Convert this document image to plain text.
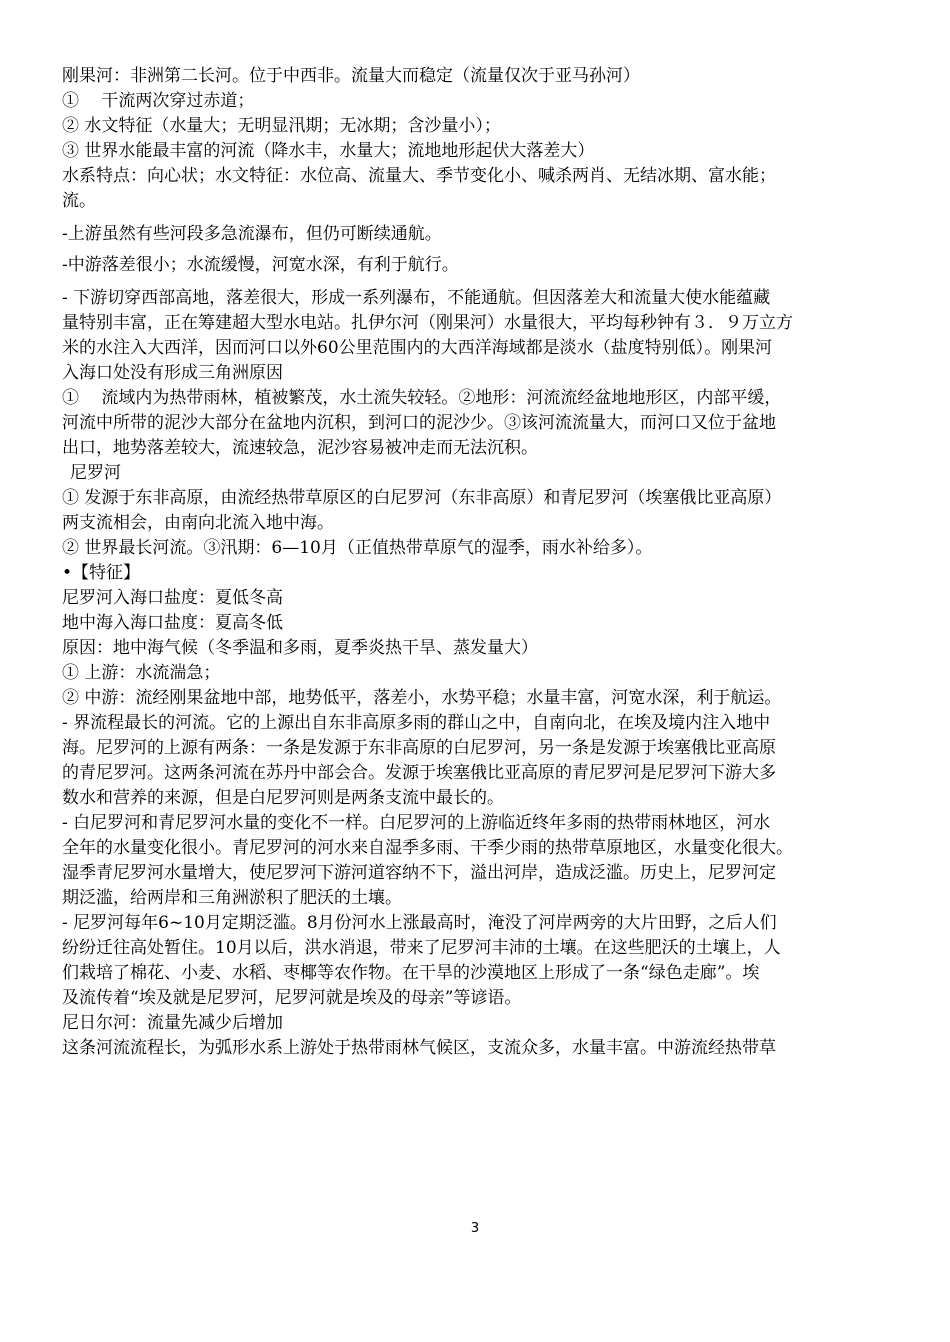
刚果河：非洲第二长河。位于中西非。流量大而稳定（流量仅次于亚马孙河）

①　 干流两次穿过赤道；

② 水文特征（水量大；无明显汛期；无冰期；含沙量小）；

③ 世界水能最丰富的河流（降水丰，水量大；流地地形起伏大落差大）

水系特点：向心状；水文特征：水位高、流量大、季节变化小、喊杀两肖、无结冰期、富水能；

流。

-上游虽然有些河段多急流瀑布，但仍可断续通航。

-中游落差很小；水流缓慢，河宽水深，有利于航行。

- 下游切穿西部高地，落差很大，形成一系列瀑布，不能通航。但因落差大和流量大使水能蕴藏

量特别丰富，正在筹建超大型水电站。扎伊尔河（刚果河）水量很大，平均每秒钟有３．９万立方

米的水注入大西洋，因而河口以外60公里范围内的大西洋海域都是淡水（盐度特别低）。刚果河

入海口处没有形成三角洲原因

①　 流域内为热带雨林，植被繁茂，水土流失较轻。②地形：河流流经盆地地形区，内部平缓，

河流中所带的泥沙大部分在盆地内沉积，到河口的泥沙少。③该河流流量大，而河口又位于盆地

出口，地势落差较大，流速较急，泥沙容易被冲走而无法沉积。

尼罗河

① 发源于东非高原，由流经热带草原区的白尼罗河（东非高原）和青尼罗河（埃塞俄比亚高原）

两支流相会，由南向北流入地中海。

② 世界最长河流。③汛期：6—10月（正值热带草原气的湿季，雨水补给多）。

•【特征】

尼罗河入海口盐度：夏低冬高

地中海入海口盐度：夏高冬低

原因：地中海气候（冬季温和多雨，夏季炎热干旱、蒸发量大）

① 上游：水流湍急；

② 中游：流经刚果盆地中部，地势低平，落差小，水势平稳；水量丰富，河宽水深，利于航运。

- 界流程最长的河流。它的上源出自东非高原多雨的群山之中，自南向北，在埃及境内注入地中

海。尼罗河的上源有两条：一条是发源于东非高原的白尼罗河，另一条是发源于埃塞俄比亚高原

的青尼罗河。这两条河流在苏丹中部会合。发源于埃塞俄比亚高原的青尼罗河是尼罗河下游大多

数水和营养的来源，但是白尼罗河则是两条支流中最长的。

- 白尼罗河和青尼罗河水量的变化不一样。白尼罗河的上游临近终年多雨的热带雨林地区，河水

全年的水量变化很小。青尼罗河的河水来自湿季多雨、干季少雨的热带草原地区，水量变化很大。

湿季青尼罗河水量增大，使尼罗河下游河道容纳不下，溢出河岸，造成泛滥。历史上，尼罗河定

期泛滥，给两岸和三角洲淤积了肥沃的土壤。

- 尼罗河每年6~10月定期泛滥。8月份河水上涨最高时，淹没了河岸两旁的大片田野，之后人们

纷纷迁往高处暂住。10月以后，洪水消退，带来了尼罗河丰沛的土壤。在这些肥沃的土壤上，人

们栽培了棉花、小麦、水稻、枣椰等农作物。在干旱的沙漠地区上形成了一条“绿色走廊”。埃

及流传着“埃及就是尼罗河，尼罗河就是埃及的母亲”等谚语。

尼日尔河：流量先减少后增加

这条河流流程长，为弧形水系上游处于热带雨林气候区，支流众多，水量丰富。中游流经热带草

3
